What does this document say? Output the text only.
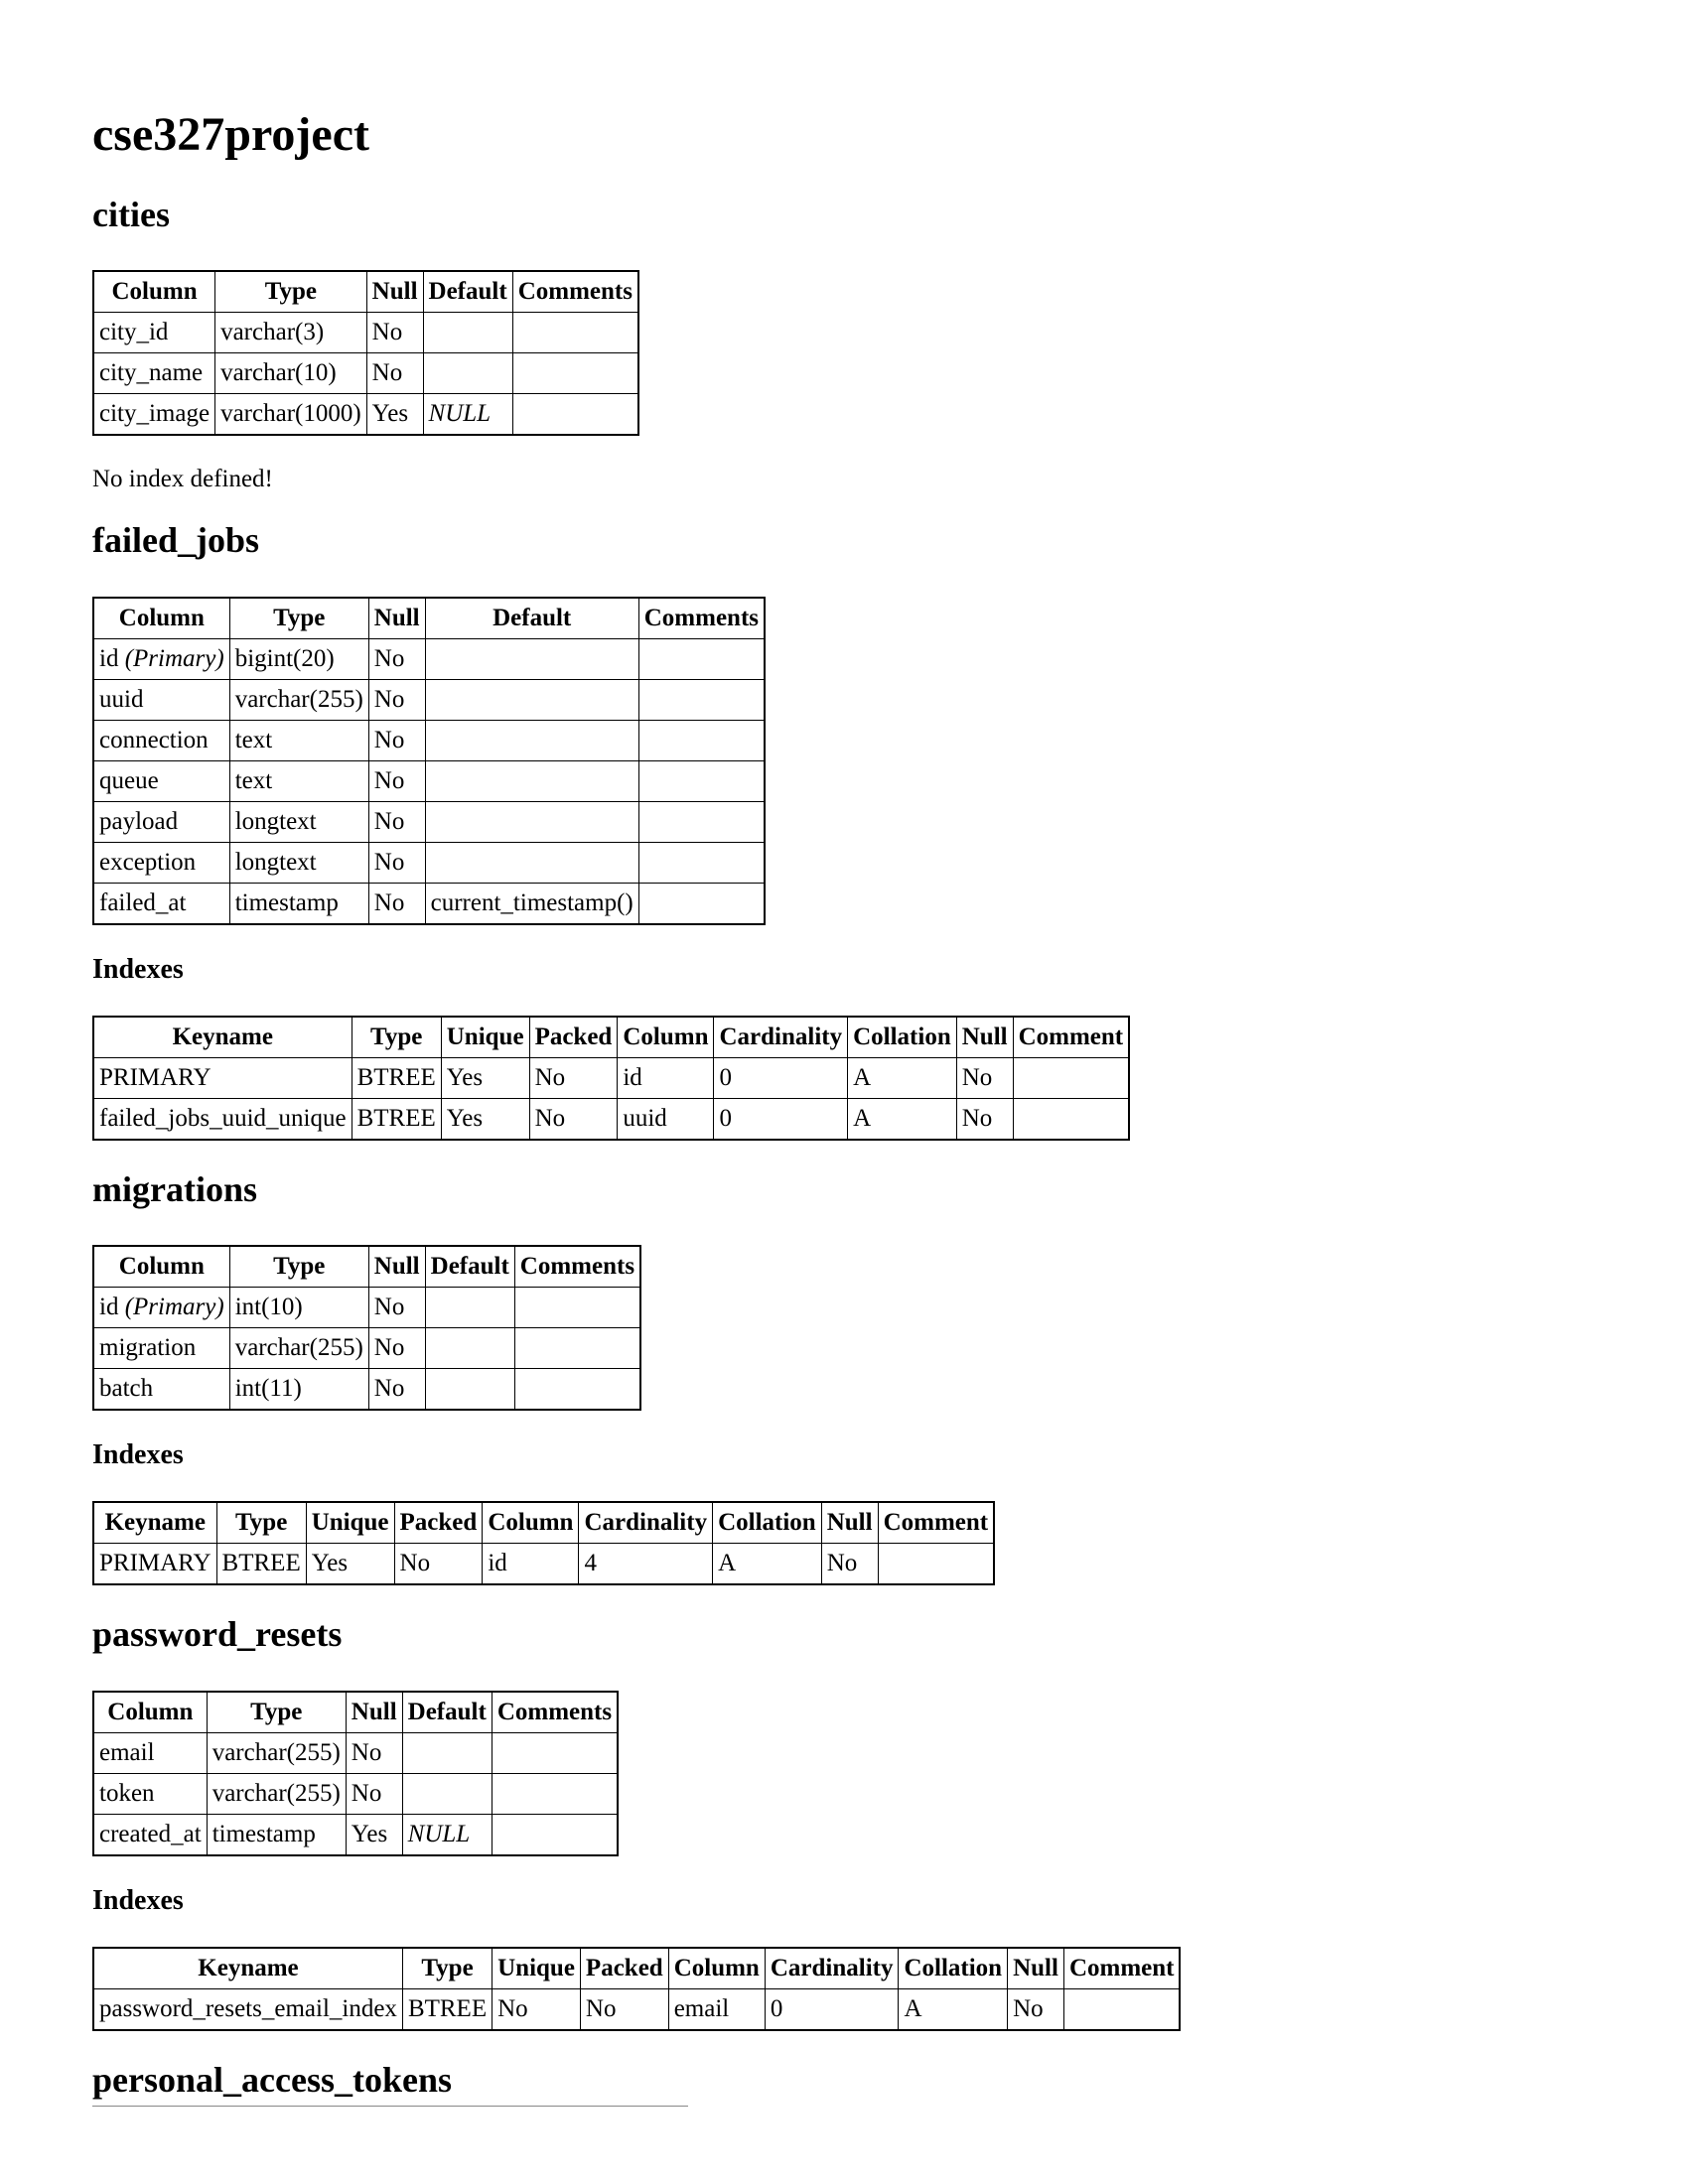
cse327project
cities
Column	Type	Null	Default	Comments
city_id	varchar(3)	No		
city_name	varchar(10)	No		
city_image	varchar(1000)	Yes	NULL	

No index defined!

failed_jobs
Column	Type	Null	Default	Comments
id (Primary)	bigint(20)	No		
uuid	varchar(255)	No		
connection	text	No		
queue	text	No		
payload	longtext	No		
exception	longtext	No		
failed_at	timestamp	No	current_timestamp()	
Indexes
Keyname	Type	Unique	Packed	Column	Cardinality	Collation	Null	Comment
PRIMARY	BTREE	Yes	No	id	0	A	No	
failed_jobs_uuid_unique	BTREE	Yes	No	uuid	0	A	No	
migrations
Column	Type	Null	Default	Comments
id (Primary)	int(10)	No		
migration	varchar(255)	No		
batch	int(11)	No		
Indexes
Keyname	Type	Unique	Packed	Column	Cardinality	Collation	Null	Comment
PRIMARY	BTREE	Yes	No	id	4	A	No	
password_resets
Column	Type	Null	Default	Comments
email	varchar(255)	No		
token	varchar(255)	No		
created_at	timestamp	Yes	NULL	
Indexes
Keyname	Type	Unique	Packed	Column	Cardinality	Collation	Null	Comment
password_resets_email_index	BTREE	No	No	email	0	A	No	
personal_access_tokens
